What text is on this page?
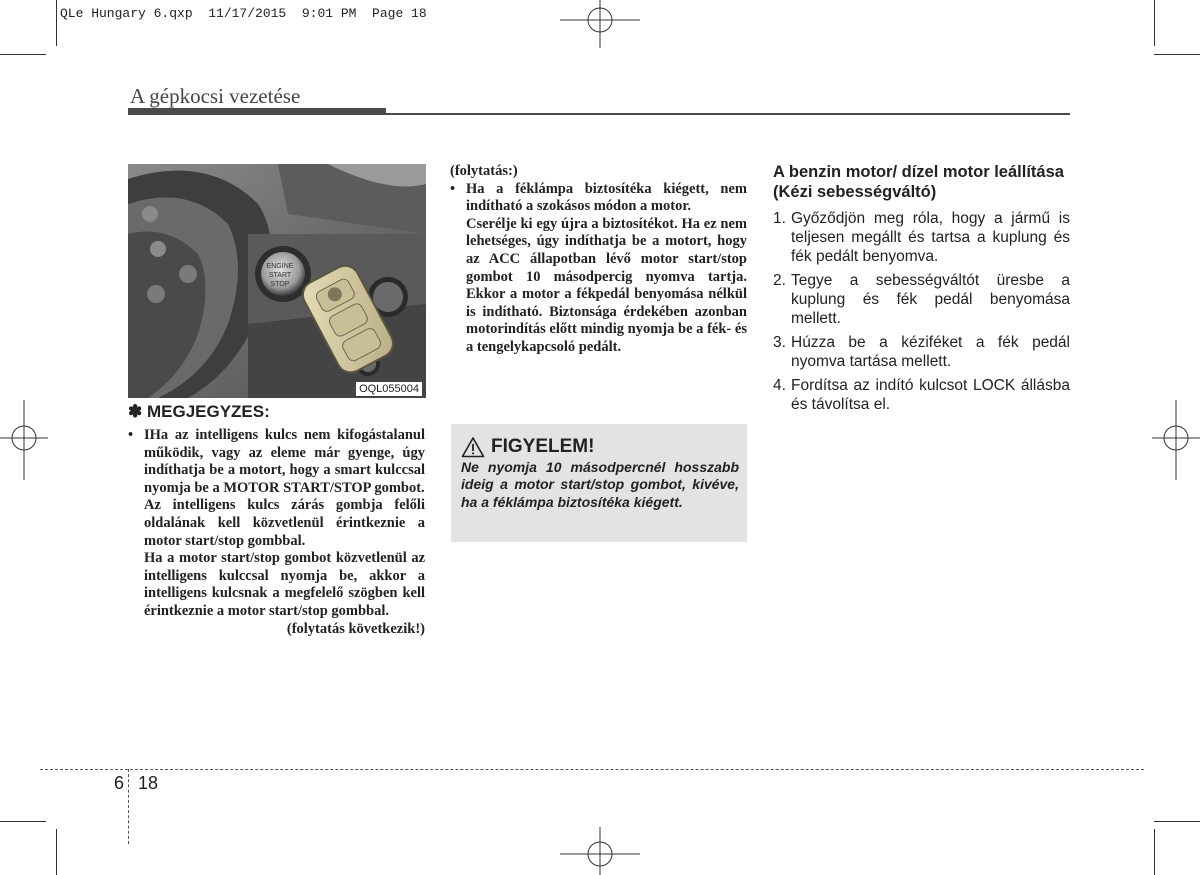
QLe Hungary 6.qxp  11/17/2015  9:01 PM  Page 18
A gépkocsi vezetése
ENGINE
START
STOP
OQL055004
✽ MEGJEGYZES:
• IHa az intelligens kulcs nem kifogástalanul működik, vagy az eleme már gyenge, úgy indíthatja be a motort, hogy a smart kulccsal nyomja be a MOTOR START/STOP gombot.

Az intelligens kulcs zárás gombja felőli oldalának kell közvetlenül érintkeznie a motor start/stop gombbal.

Ha a motor start/stop gombot közvetlenül az intelligens kulccsal nyomja be, akkor a intelligens kulcsnak a megfelelő szögben kell érintkeznie a motor start/stop gombbal.

(folytatás következik!)

(folytatás:)

• Ha a féklámpa biztosítéka kiégett, nem indítható a szokásos módon a motor.

Cserélje ki egy újra a biztosítékot. Ha ez nem lehetséges, úgy indíthatja be a motort, hogy az ACC állapotban lévő motor start/stop gombot 10 másodpercig nyomva tartja. Ekkor a motor a fékpedál benyomása nélkül is indítható. Biztonsága érdekében azonban motorindítás előtt mindig nyomja be a fék- és a tengelykapcsoló pedált.

FIGYELEM!
Ne nyomja 10 másodpercnél hosszabb ideig a motor start/stop gombot, kivéve, ha a féklámpa biztosítéka kiégett.
A benzin motor/ dízel motor leállítása (Kézi sebességváltó)
1. Győződjön meg róla, hogy a jármű is teljesen megállt és tartsa a kuplung és fék pedált benyomva.
2. Tegye a sebességváltót üresbe a kuplung és fék pedál benyomása mellett.
3. Húzza be a kéziféket a fék pedál nyomva tartása mellett.
4. Fordítsa az indító kulcsot LOCK állásba és távolítsa el.
6 18
